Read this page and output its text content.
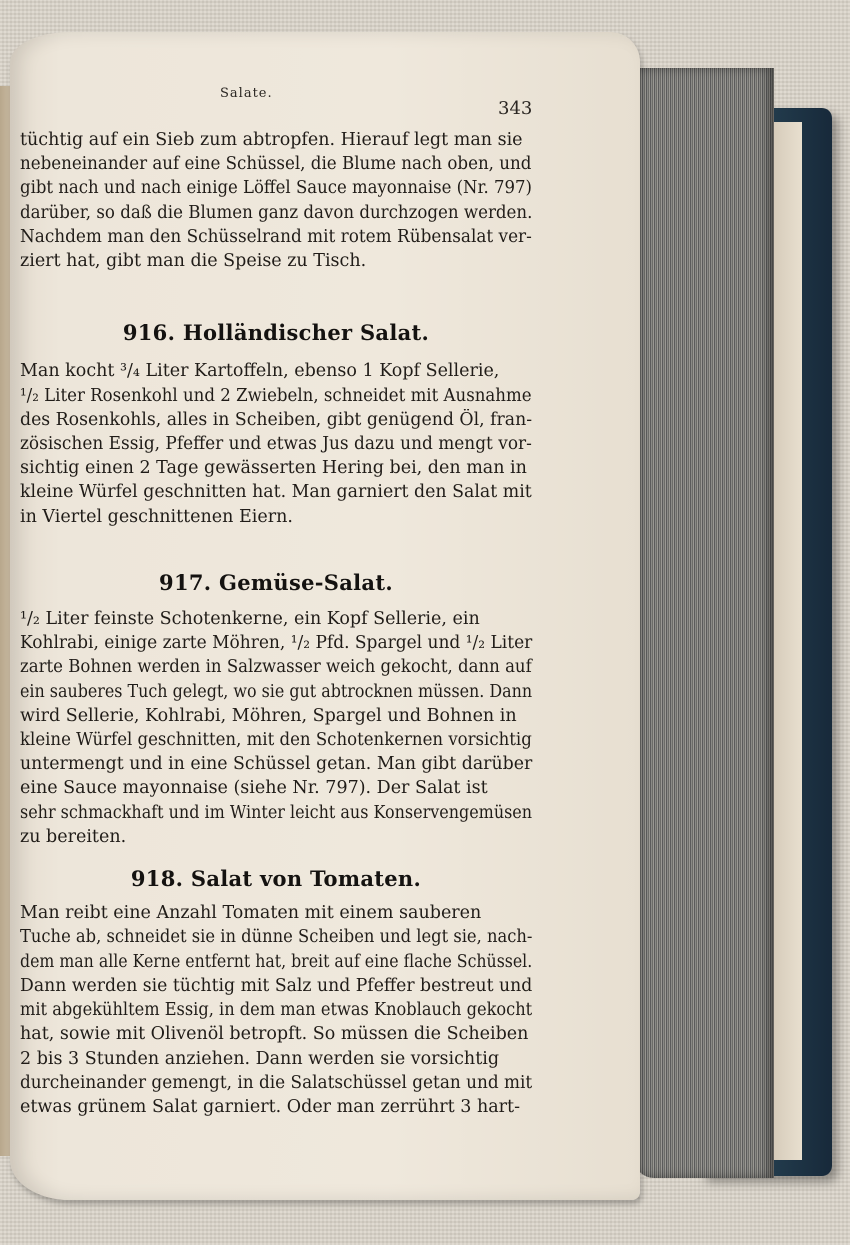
Salate.
343

tüchtig auf ein Sieb zum abtropfen. Hierauf legt man sie
nebeneinander auf eine Schüssel, die Blume nach oben, und
gibt nach und nach einige Löffel Sauce mayonnaise (Nr. 797)
darüber, so daß die Blumen ganz davon durchzogen werden.
Nachdem man den Schüsselrand mit rotem Rübensalat ver-
ziert hat, gibt man die Speise zu Tisch.

916. Holländischer Salat.

Man kocht ³/₄ Liter Kartoffeln, ebenso 1 Kopf Sellerie,
¹/₂ Liter Rosenkohl und 2 Zwiebeln, schneidet mit Ausnahme
des Rosenkohls, alles in Scheiben, gibt genügend Öl, fran-
zösischen Essig, Pfeffer und etwas Jus dazu und mengt vor-
sichtig einen 2 Tage gewässerten Hering bei, den man in
kleine Würfel geschnitten hat. Man garniert den Salat mit
in Viertel geschnittenen Eiern.

917. Gemüse-Salat.

¹/₂ Liter feinste Schotenkerne, ein Kopf Sellerie, ein
Kohlrabi, einige zarte Möhren, ¹/₂ Pfd. Spargel und ¹/₂ Liter
zarte Bohnen werden in Salzwasser weich gekocht, dann auf
ein sauberes Tuch gelegt, wo sie gut abtrocknen müssen. Dann
wird Sellerie, Kohlrabi, Möhren, Spargel und Bohnen in
kleine Würfel geschnitten, mit den Schotenkernen vorsichtig
untermengt und in eine Schüssel getan. Man gibt darüber
eine Sauce mayonnaise (siehe Nr. 797). Der Salat ist
sehr schmackhaft und im Winter leicht aus Konservengemüsen
zu bereiten.

918. Salat von Tomaten.

Man reibt eine Anzahl Tomaten mit einem sauberen
Tuche ab, schneidet sie in dünne Scheiben und legt sie, nach-
dem man alle Kerne entfernt hat, breit auf eine flache Schüssel.
Dann werden sie tüchtig mit Salz und Pfeffer bestreut und
mit abgekühltem Essig, in dem man etwas Knoblauch gekocht
hat, sowie mit Olivenöl betropft. So müssen die Scheiben
2 bis 3 Stunden anziehen. Dann werden sie vorsichtig
durcheinander gemengt, in die Salatschüssel getan und mit
etwas grünem Salat garniert. Oder man zerrührt 3 hart-
